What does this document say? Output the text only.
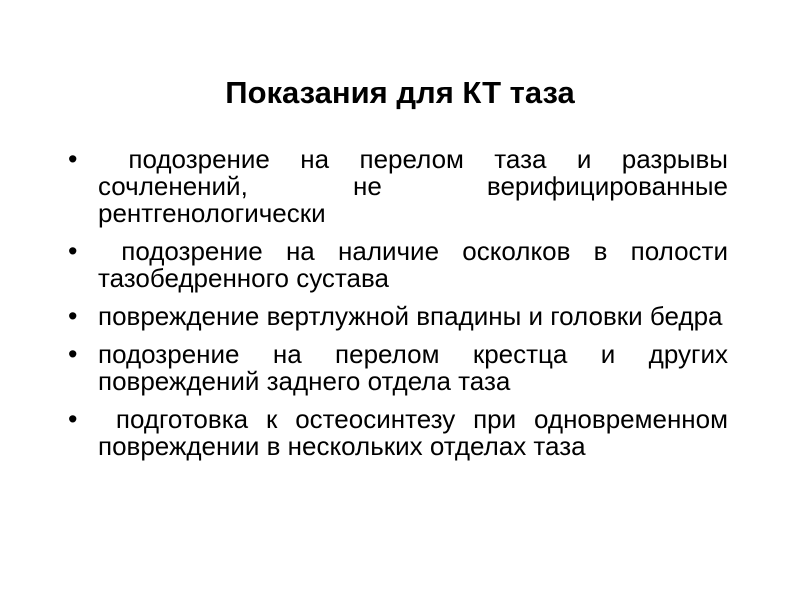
Показания для КТ таза
• подозрение на перелом таза и разрывы сочленений, не верифицированные рентгенологически
• подозрение на наличие осколков в полости тазобедренного сустава
• повреждение вертлужной впадины и головки бедра
• подозрение на перелом крестца и других повреждений заднего отдела таза
• подготовка к остеосинтезу при одновременном повреждении в нескольких отделах таза
